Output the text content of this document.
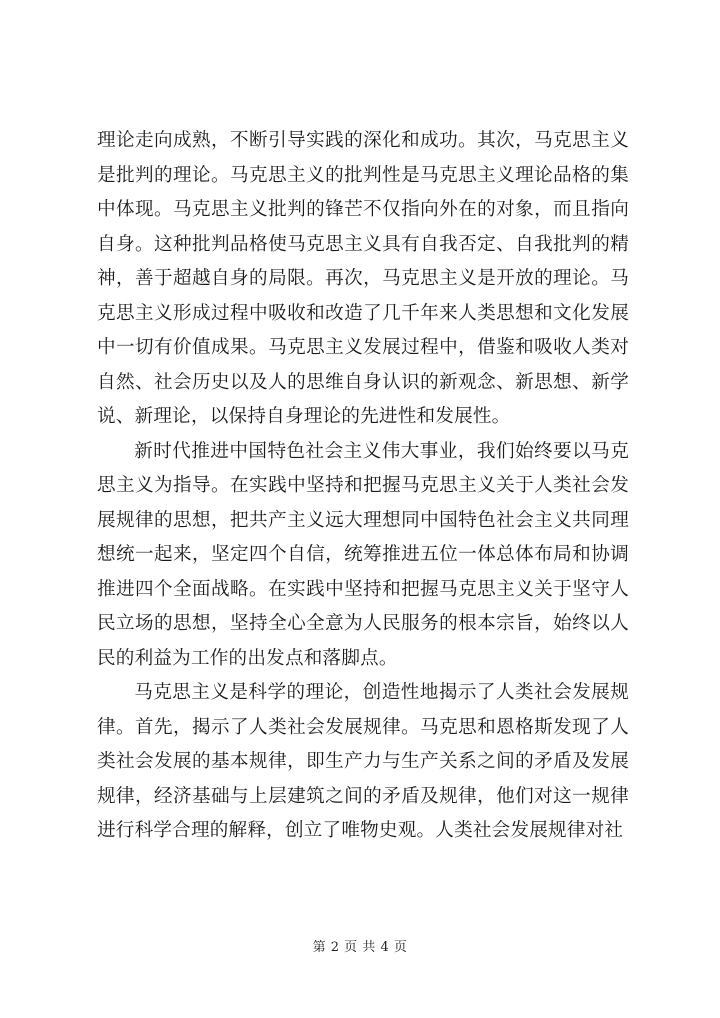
理论走向成熟，不断引导实践的深化和成功。其次，马克思主义是批判的理论。马克思主义的批判性是马克思主义理论品格的集中体现。马克思主义批判的锋芒不仅指向外在的对象，而且指向自身。这种批判品格使马克思主义具有自我否定、自我批判的精神，善于超越自身的局限。再次，马克思主义是开放的理论。马克思主义形成过程中吸收和改造了几千年来人类思想和文化发展中一切有价值成果。马克思主义发展过程中，借鉴和吸收人类对自然、社会历史以及人的思维自身认识的新观念、新思想、新学说、新理论，以保持自身理论的先进性和发展性。

新时代推进中国特色社会主义伟大事业，我们始终要以马克思主义为指导。在实践中坚持和把握马克思主义关于人类社会发展规律的思想，把共产主义远大理想同中国特色社会主义共同理想统一起来，坚定四个自信，统筹推进五位一体总体布局和协调推进四个全面战略。在实践中坚持和把握马克思主义关于坚守人民立场的思想，坚持全心全意为人民服务的根本宗旨，始终以人民的利益为工作的出发点和落脚点。

马克思主义是科学的理论，创造性地揭示了人类社会发展规律。首先，揭示了人类社会发展规律。马克思和恩格斯发现了人类社会发展的基本规律，即生产力与生产关系之间的矛盾及发展规律，经济基础与上层建筑之间的矛盾及规律，他们对这一规律进行科学合理的解释，创立了唯物史观。人类社会发展规律对社

第 2 页 共 4 页
